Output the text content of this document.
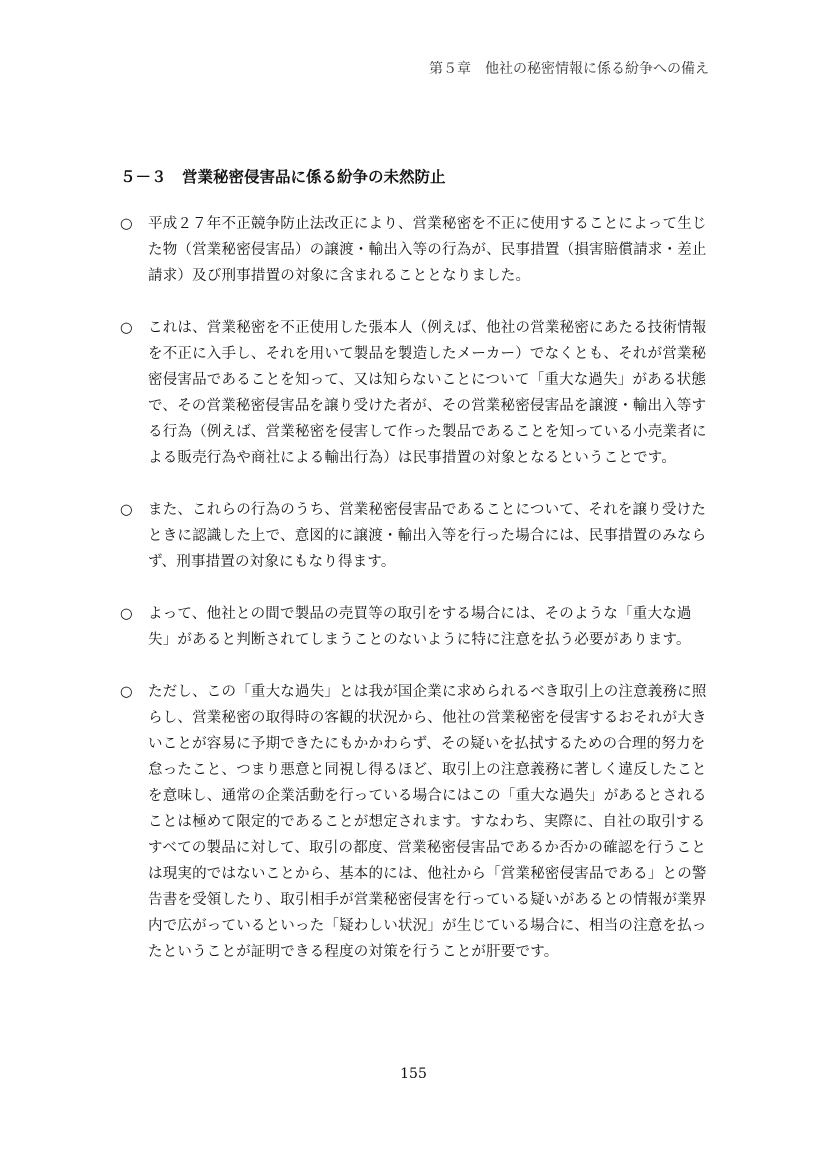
第５章　他社の秘密情報に係る紛争への備え
５－３　営業秘密侵害品に係る紛争の未然防止
○ 平成２７年不正競争防止法改正により、営業秘密を不正に使用することによって生じた物（営業秘密侵害品）の譲渡・輸出入等の行為が、民事措置（損害賠償請求・差止請求）及び刑事措置の対象に含まれることとなりました。
○ これは、営業秘密を不正使用した張本人（例えば、他社の営業秘密にあたる技術情報を不正に入手し、それを用いて製品を製造したメーカー）でなくとも、それが営業秘密侵害品であることを知って、又は知らないことについて「重大な過失」がある状態で、その営業秘密侵害品を譲り受けた者が、その営業秘密侵害品を譲渡・輸出入等する行為（例えば、営業秘密を侵害して作った製品であることを知っている小売業者による販売行為や商社による輸出行為）は民事措置の対象となるということです。
○ また、これらの行為のうち、営業秘密侵害品であることについて、それを譲り受けたときに認識した上で、意図的に譲渡・輸出入等を行った場合には、民事措置のみならず、刑事措置の対象にもなり得ます。
○ よって、他社との間で製品の売買等の取引をする場合には、そのような「重大な過失」があると判断されてしまうことのないように特に注意を払う必要があります。
○ ただし、この「重大な過失」とは我が国企業に求められるべき取引上の注意義務に照らし、営業秘密の取得時の客観的状況から、他社の営業秘密を侵害するおそれが大きいことが容易に予期できたにもかかわらず、その疑いを払拭するための合理的努力を怠ったこと、つまり悪意と同視し得るほど、取引上の注意義務に著しく違反したことを意味し、通常の企業活動を行っている場合にはこの「重大な過失」があるとされることは極めて限定的であることが想定されます。すなわち、実際に、自社の取引するすべての製品に対して、取引の都度、営業秘密侵害品であるか否かの確認を行うことは現実的ではないことから、基本的には、他社から「営業秘密侵害品である」との警告書を受領したり、取引相手が営業秘密侵害を行っている疑いがあるとの情報が業界内で広がっているといった「疑わしい状況」が生じている場合に、相当の注意を払ったということが証明できる程度の対策を行うことが肝要です。
155
